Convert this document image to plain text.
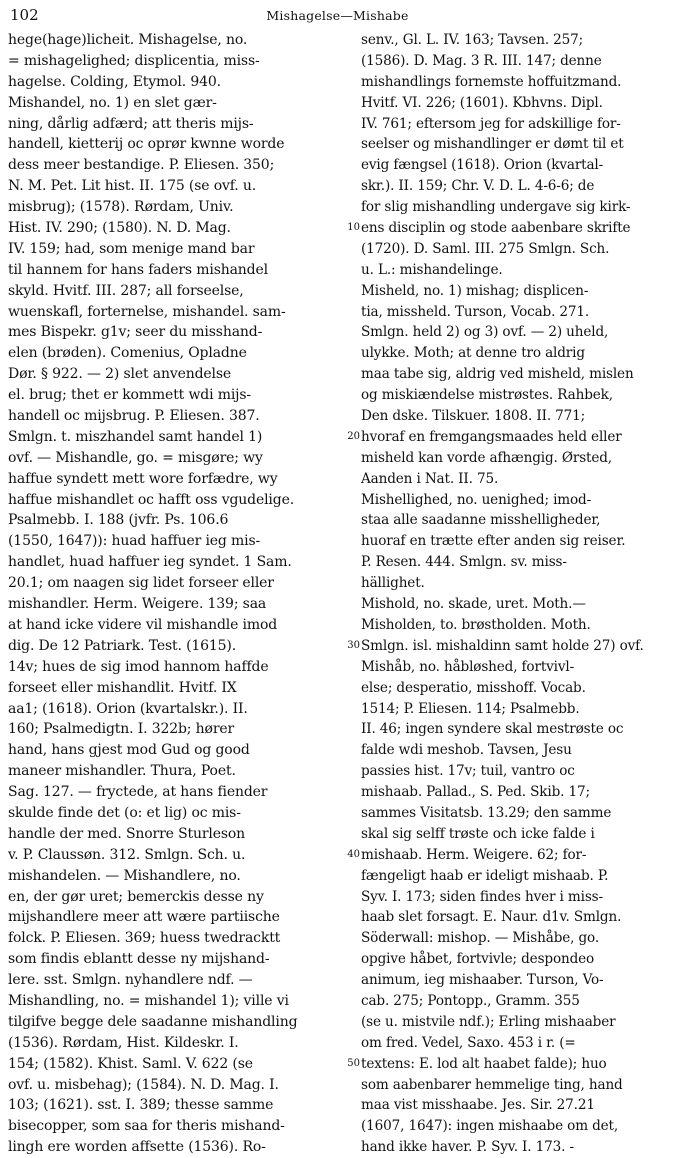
102	Mishagelse—Mishabe
hege(hage)licheit. Mishagelse, no.
= mishagelighed; displicentia, miss-
hagelse. Colding, Etymol. 940.
Mishandel, no. 1) en slet gær-
ning, dårlig adfærd; att theris mijs-
handell, kietterij oc oprør kwnne worde
dess meer bestandige. P. Eliesen. 350;
N. M. Pet. Lit hist. II. 175 (se ovf. u.
misbrug); (1578). Rørdam, Univ.
Hist. IV. 290; (1580). N. D. Mag.
IV. 159; had, som menige mand bar
til hannem for hans faders mishandel
skyld. Hvitf. III. 287; all forseelse,
wuenskafl, forternelse, mishandel. sam-
mes Bispekr. g1v; seer du misshand-
elen (brøden). Comenius, Opladne
Dør. § 922. — 2) slet anvendelse
el. brug; thet er kommett wdi mijs-
handell oc mijsbrug. P. Eliesen. 387.
Smlgn. t. miszhandel samt handel 1)
ovf. — Mishandle, go. = misgøre; wy
haffue syndett mett wore forfædre, wy
haffue mishandlet oc hafft oss vgudelige.
Psalmebb. I. 188 (jvfr. Ps. 106.6
(1550, 1647)): huad haffuer ieg mis-
handlet, huad haffuer ieg syndet. 1 Sam.
20.1; om naagen sig lidet forseer eller
mishandler. Herm. Weigere. 139; saa
at hand icke videre vil mishandle imod
dig. De 12 Patriark. Test. (1615).
14v; hues de sig imod hannom haffde
forseet eller mishandlit. Hvitf. IX
aa1; (1618). Orion (kvartalskr.). II.
160; Psalmedigtn. I. 322b; hører
hand, hans gjest mod Gud og good
maneer mishandler. Thura, Poet.
Sag. 127. — fryctede, at hans fiender
skulde finde det (o: et lig) oc mis-
handle der med. Snorre Sturleson
v. P. Claussøn. 312. Smlgn. Sch. u.
mishandelen. — Mishandlere, no.
en, der gør uret; bemerckis desse ny
mijshandlere meer att wære partiische
folck. P. Eliesen. 369; huess twedracktt
som findis eblantt desse ny mijshand-
lere. sst. Smlgn. nyhandlere ndf. —
Mishandling, no. = mishandel 1); ville vi
tilgifve begge dele saadanne mishandling
(1536). Rørdam, Hist. Kildeskr. I.
154; (1582). Khist. Saml. V. 622 (se
ovf. u. misbehag); (1584). N. D. Mag. I.
103; (1621). sst. I. 389; thesse samme
bisecopper, som saa for theris mishand-
lingh ere worden affsette (1536). Ro-
10
20
30
40
50
senv., Gl. L. IV. 163; Tavsen. 257;
(1586). D. Mag. 3 R. III. 147; denne
mishandlings fornemste hoffuitzmand.
Hvitf. VI. 226; (1601). Kbhvns. Dipl.
IV. 761; eftersom jeg for adskillige for-
seelser og mishandlinger er dømt til et
evig fængsel (1618). Orion (kvartal-
skr.). II. 159; Chr. V. D. L. 4-6-6; de
for slig mishandling undergave sig kirk-
ens disciplin og stode aabenbare skrifte
(1720). D. Saml. III. 275 Smlgn. Sch.
u. L.: mishandelinge.
Misheld, no. 1) mishag; displicen-
tia, missheld. Turson, Vocab. 271.
Smlgn. held 2) og 3) ovf. — 2) uheld,
ulykke. Moth; at denne tro aldrig
maa tabe sig, aldrig ved misheld, mislen
og miskiændelse mistrøstes. Rahbek,
Den dske. Tilskuer. 1808. II. 771;
hvoraf en fremgangsmaades held eller
misheld kan vorde afhængig. Ørsted,
Aanden i Nat. II. 75.
Mishellighed, no. uenighed; imod-
staa alle saadanne misshelligheder,
huoraf en trætte efter anden sig reiser.
P. Resen. 444. Smlgn. sv. miss-
hällighet.
Mishold, no. skade, uret. Moth.—
Misholden, to. brøstholden. Moth.
Smlgn. isl. mishaldinn samt holde 27) ovf.
Mishåb, no. håbløshed, fortvivl-
else; desperatio, misshoff. Vocab.
1514; P. Eliesen. 114; Psalmebb.
II. 46; ingen syndere skal mestrøste oc
falde wdi meshob. Tavsen, Jesu
passies hist. 17v; tuil, vantro oc
mishaab. Pallad., S. Ped. Skib. 17;
sammes Visitatsb. 13.29; den samme
skal sig selff trøste och icke falde i
mishaab. Herm. Weigere. 62; for-
fængeligt haab er ideligt mishaab. P.
Syv. I. 173; siden findes hver i miss-
haab slet forsagt. E. Naur. d1v. Smlgn.
Söderwall: mishop. — Mishåbe, go.
opgive håbet, fortvivle; despondeo
animum, ieg mishaaber. Turson, Vo-
cab. 275; Pontopp., Gramm. 355
(se u. mistvile ndf.); Erling mishaaber
om fred. Vedel, Saxo. 453 i r. (=
textens: E. lod alt haabet falde); huo
som aabenbarer hemmelige ting, hand
maa vist misshaabe. Jes. Sir. 27.21
(1607, 1647): ingen mishaabe om det,
hand ikke haver. P. Syv. I. 173. -
